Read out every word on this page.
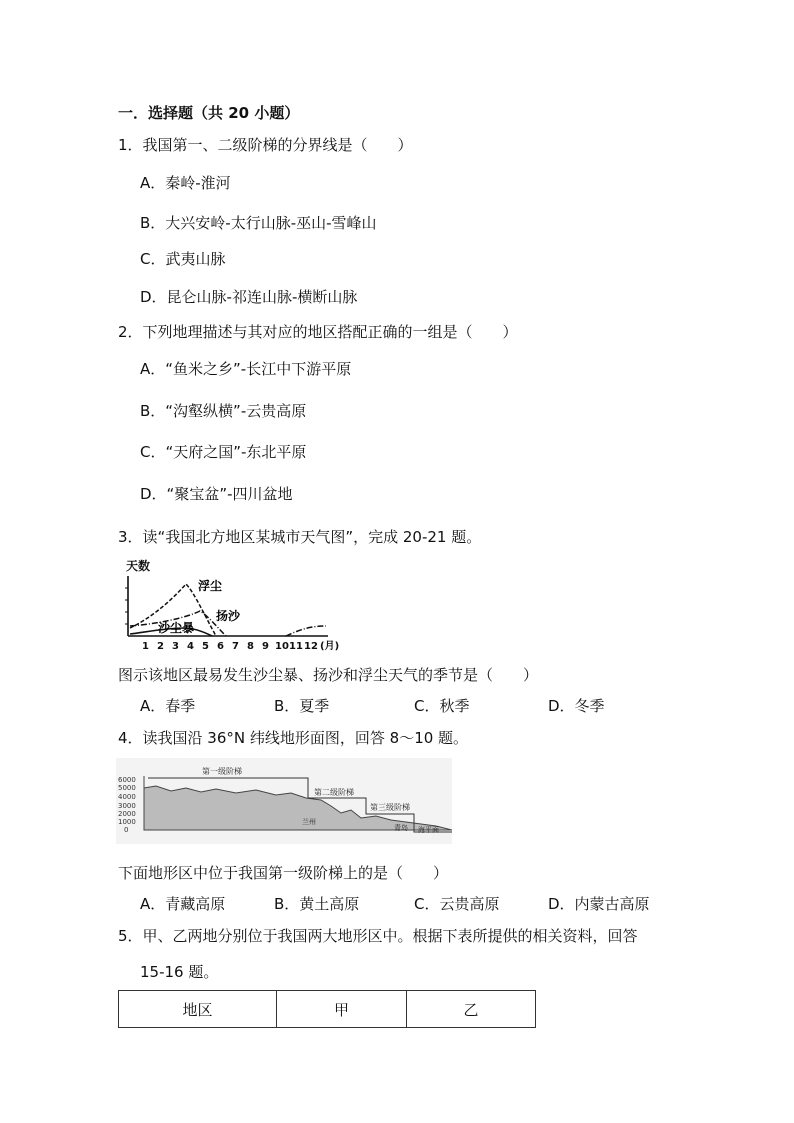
一．选择题（共 20 小题）
1．我国第一、二级阶梯的分界线是（　　）
A．秦岭-淮河
B．大兴安岭-太行山脉-巫山-雪峰山
C．武夷山脉
D．昆仑山脉-祁连山脉-横断山脉
2．下列地理描述与其对应的地区搭配正确的一组是（　　）
A．“鱼米之乡”-长江中下游平原
B．“沟壑纵横”-云贵高原
C．“天府之国”-东北平原
D．“聚宝盆”-四川盆地
3．读“我国北方地区某城市天气图”，完成 20-21 题。
天数
浮尘
扬沙
沙尘暴
1 2 3 4 5 6 7 8 9 10 11 12 (月)
图示该地区最易发生沙尘暴、扬沙和浮尘天气的季节是（　　）
A．春季	B．夏季	C．秋季	D．冬季
4．读我国沿 36°N 纬线地形面图，回答 8～10 题。
6000
5000
4000
3000
2000
1000
0
第一级阶梯
第二级阶梯
第三级阶梯
兰州
青岛 海平面
下面地形区中位于我国第一级阶梯上的是（　　）
A．青藏高原	B．黄土高原	C．云贵高原	D．内蒙古高原
5．甲、乙两地分别位于我国两大地形区中。根据下表所提供的相关资料，回答
15-16 题。
地区	甲	乙
